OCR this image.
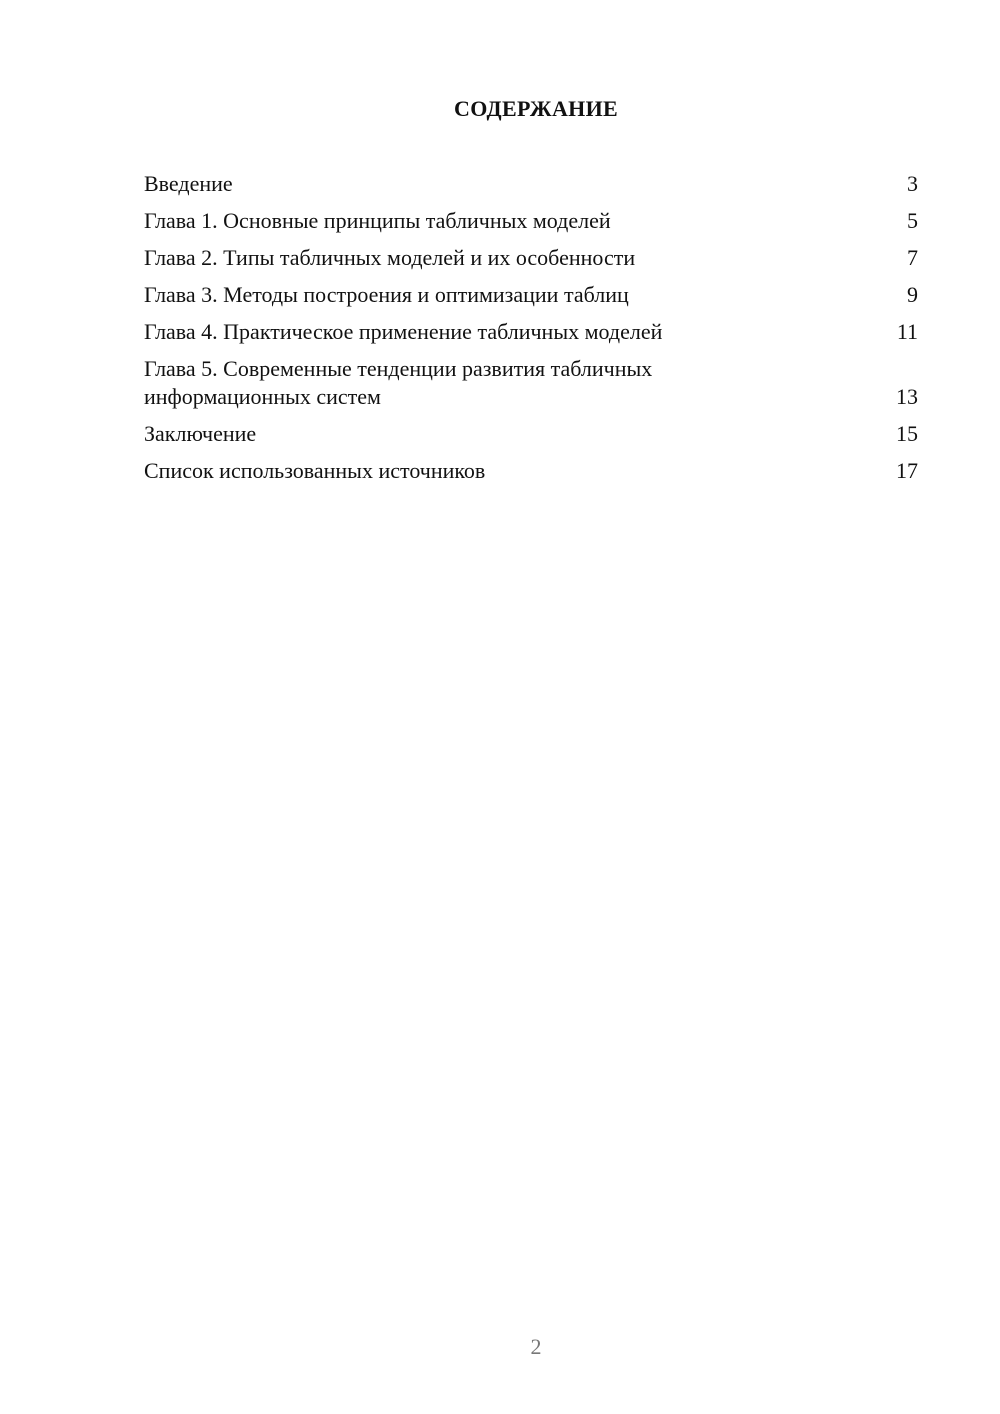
СОДЕРЖАНИЕ
Введение	3
Глава 1. Основные принципы табличных моделей	5
Глава 2. Типы табличных моделей и их особенности	7
Глава 3. Методы построения и оптимизации таблиц	9
Глава 4. Практическое применение табличных моделей	11
Глава 5. Современные тенденции развития табличных информационных систем	13
Заключение	15
Список использованных источников	17
2
